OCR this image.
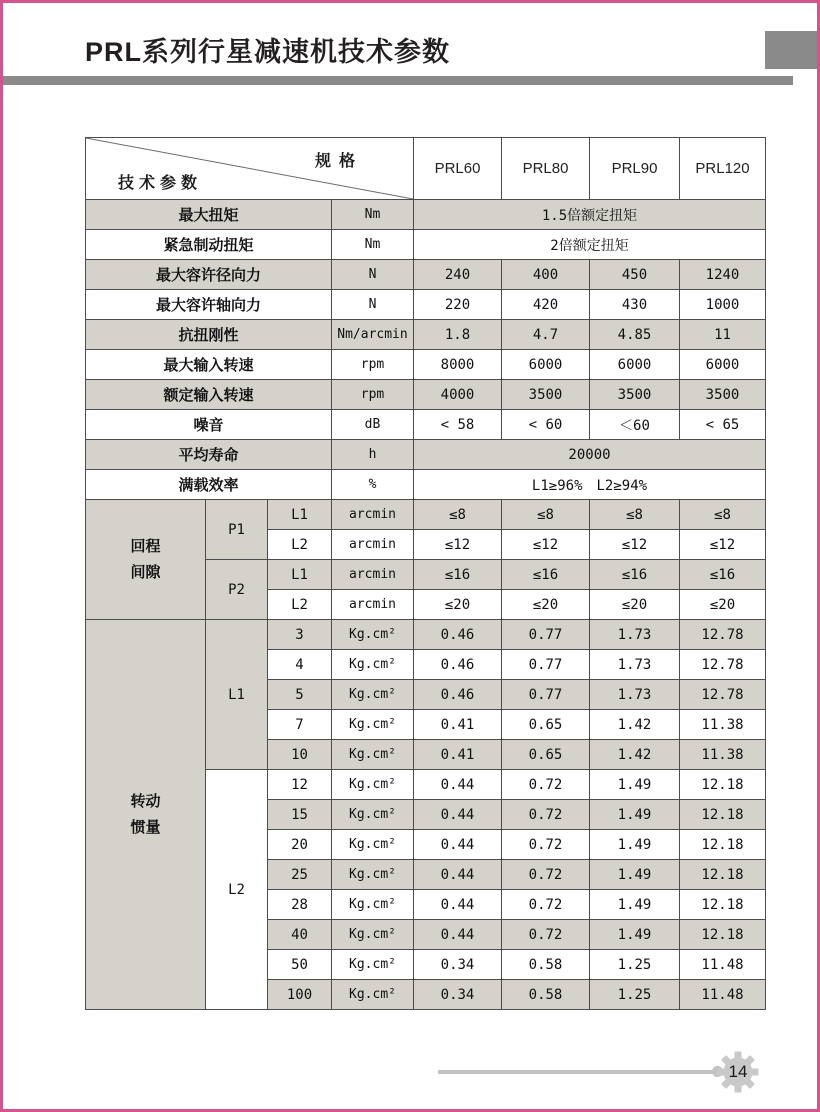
PRL系列行星减速机技术参数
规格
技术参数				PRL60	PRL80	PRL90	PRL120
最大扭矩			Nm	1.5倍额定扭矩			
紧急制动扭矩			Nm	2倍额定扭矩			
最大容许径向力			N	240	400	450	1240
最大容许轴向力			N	220	420	430	1000
抗扭刚性			Nm/arcmin	1.8	4.7	4.85	11
最大输入转速			rpm	8000	6000	6000	6000
额定输入转速			rpm	4000	3500	3500	3500
噪音			dB	< 58	< 60	＜60	< 65
平均寿命			h	20000			
满载效率			%	L1≥96%　L2≥94%			
回程间隙	P1	L1	arcmin	≤8	≤8	≤8	≤8
		L2	arcmin	≤12	≤12	≤12	≤12
	P2	L1	arcmin	≤16	≤16	≤16	≤16
		L2	arcmin	≤20	≤20	≤20	≤20
转动惯量	L1	3	Kg.cm²	0.46	0.77	1.73	12.78
		4	Kg.cm²	0.46	0.77	1.73	12.78
		5	Kg.cm²	0.46	0.77	1.73	12.78
		7	Kg.cm²	0.41	0.65	1.42	11.38
		10	Kg.cm²	0.41	0.65	1.42	11.38
	L2	12	Kg.cm²	0.44	0.72	1.49	12.18
		15	Kg.cm²	0.44	0.72	1.49	12.18
		20	Kg.cm²	0.44	0.72	1.49	12.18
		25	Kg.cm²	0.44	0.72	1.49	12.18
		28	Kg.cm²	0.44	0.72	1.49	12.18
		40	Kg.cm²	0.44	0.72	1.49	12.18
		50	Kg.cm²	0.34	0.58	1.25	11.48
		100	Kg.cm²	0.34	0.58	1.25	11.48
14
